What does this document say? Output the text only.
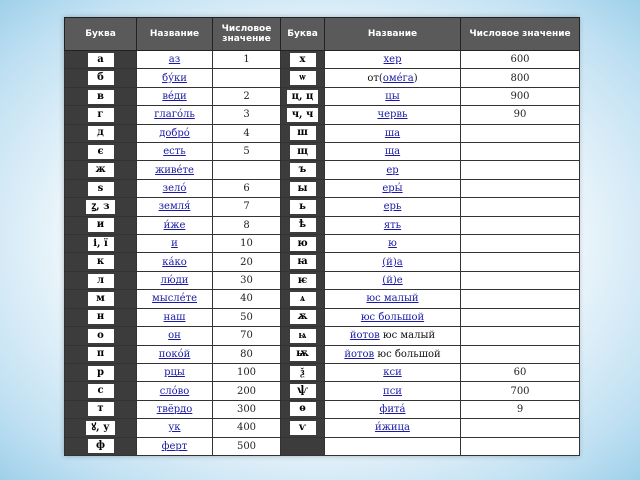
Буква	Название	Числовое значение	Буква	Название	Числовое значение
а	аз	1	х	хер	600
б	бу́ки		ѡ	от(оме́га)	800
в	ве́ди	2	ц, ц	цы	900
г	глаго́ль	3	ч, ч	червь	90
д	добро́	4	ш	ша	
є	есть	5	щ	ща	
ж	живе́те		ъ	ер	
ѕ	зело́	6	ы	еры́	
ꙁ, з	земля́	7	ь	ерь	
и	и́же	8	ѣ	ять	
і, ї	и	10	ю	ю	
к	ка́ко	20	ꙗ	(й)а	
л	лю́ди	30	ѥ	(й)е	
м	мысле́те	40	ѧ	юс малый	
н	наш	50	ѫ	юс большой	
о	он	70	ѩ	йотов юс малый	
п	поко́й	80	ѭ	йотов юс большой	
р	рцы	100	ѯ	кси	60
с	сло́во	200	ѱ	пси	700
т	твёрдо	300	ѳ	фита́	9
ꙋ, у	ук	400	ѵ	и́жица	
ф	ферт	500			
